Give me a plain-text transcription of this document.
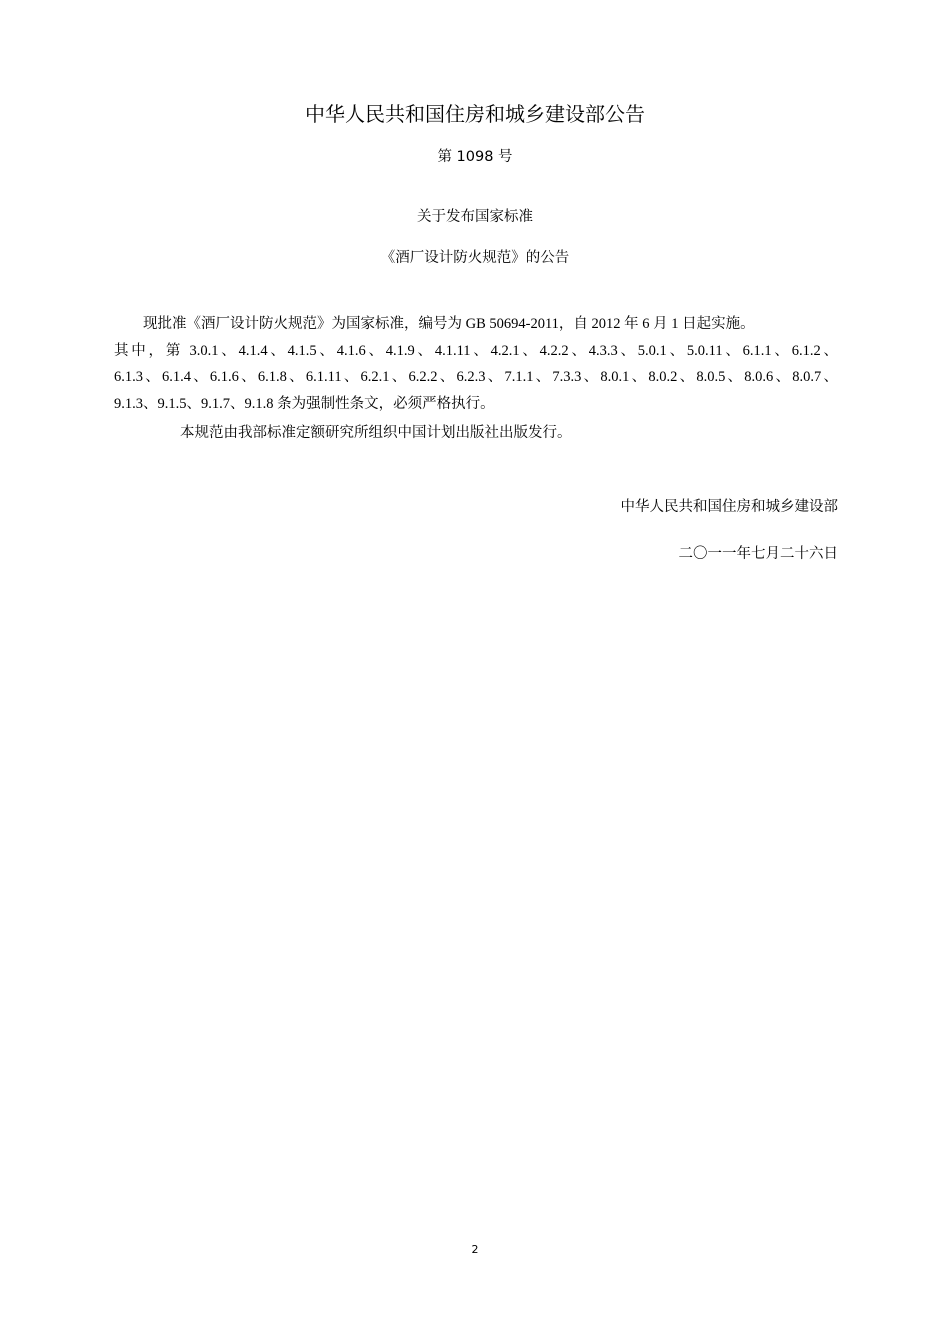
中华人民共和国住房和城乡建设部公告
第 1098 号
关于发布国家标准
《酒厂设计防火规范》的公告
现批准《酒厂设计防火规范》为国家标准，编号为 GB 50694-2011，自 2012 年 6 月 1 日起实施。
其中，第 3.0.1、4.1.4、4.1.5、4.1.6、4.1.9、4.1.11、4.2.1、4.2.2、4.3.3、5.0.1、5.0.11、6.1.1、6.1.2、
6.1.3、6.1.4、6.1.6、6.1.8、6.1.11、6.2.1、6.2.2、6.2.3、7.1.1、7.3.3、8.0.1、8.0.2、8.0.5、8.0.6、8.0.7、
9.1.3、9.1.5、9.1.7、9.1.8 条为强制性条文，必须严格执行。
本规范由我部标准定额研究所组织中国计划出版社出版发行。
中华人民共和国住房和城乡建设部
二〇一一年七月二十六日
2
